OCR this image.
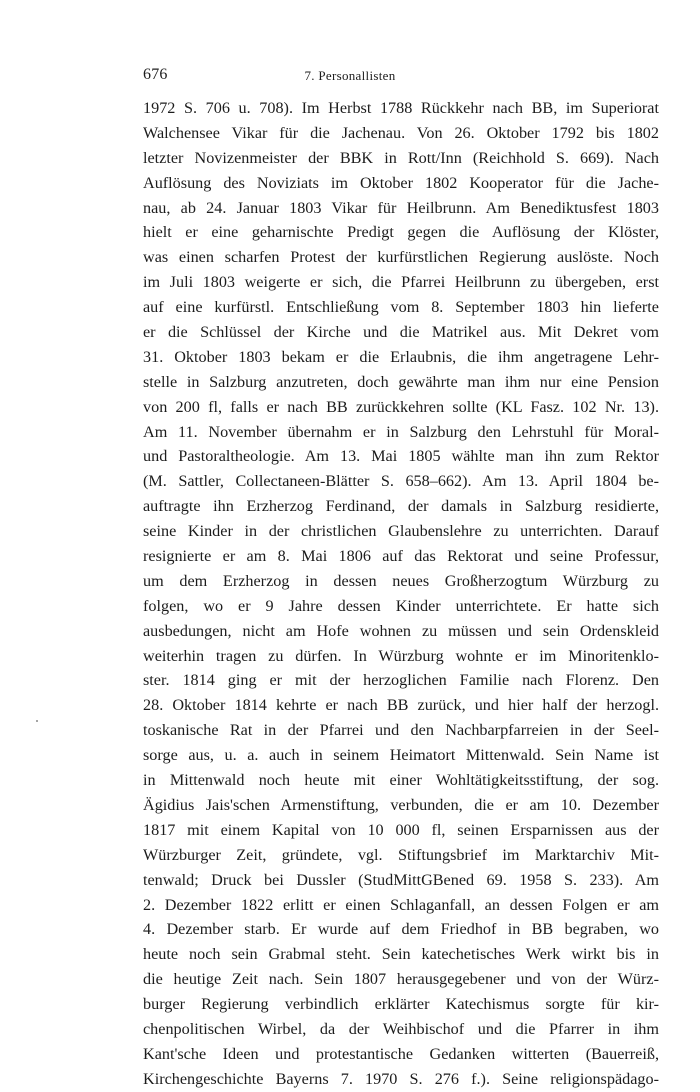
676	7. Personallisten
1972 S. 706 u. 708). Im Herbst 1788 Rückkehr nach BB, im Superiorat
Walchensee Vikar für die Jachenau. Von 26. Oktober 1792 bis 1802
letzter Novizenmeister der BBK in Rott/Inn (Reichhold S. 669). Nach
Auflösung des Noviziats im Oktober 1802 Kooperator für die Jache-
nau, ab 24. Januar 1803 Vikar für Heilbrunn. Am Benediktusfest 1803
hielt er eine geharnischte Predigt gegen die Auflösung der Klöster,
was einen scharfen Protest der kurfürstlichen Regierung auslöste. Noch
im Juli 1803 weigerte er sich, die Pfarrei Heilbrunn zu übergeben, erst
auf eine kurfürstl. Entschließung vom 8. September 1803 hin lieferte
er die Schlüssel der Kirche und die Matrikel aus. Mit Dekret vom
31. Oktober 1803 bekam er die Erlaubnis, die ihm angetragene Lehr-
stelle in Salzburg anzutreten, doch gewährte man ihm nur eine Pension
von 200 fl, falls er nach BB zurückkehren sollte (KL Fasz. 102 Nr. 13).
Am 11. November übernahm er in Salzburg den Lehrstuhl für Moral-
und Pastoraltheologie. Am 13. Mai 1805 wählte man ihn zum Rektor
(M. Sattler, Collectaneen-Blätter S. 658–662). Am 13. April 1804 be-
auftragte ihn Erzherzog Ferdinand, der damals in Salzburg residierte,
seine Kinder in der christlichen Glaubenslehre zu unterrichten. Darauf
resignierte er am 8. Mai 1806 auf das Rektorat und seine Professur,
um dem Erzherzog in dessen neues Großherzogtum Würzburg zu
folgen, wo er 9 Jahre dessen Kinder unterrichtete. Er hatte sich
ausbedungen, nicht am Hofe wohnen zu müssen und sein Ordenskleid
weiterhin tragen zu dürfen. In Würzburg wohnte er im Minoritenklo-
ster. 1814 ging er mit der herzoglichen Familie nach Florenz. Den
28. Oktober 1814 kehrte er nach BB zurück, und hier half der herzogl.
toskanische Rat in der Pfarrei und den Nachbarpfarreien in der Seel-
sorge aus, u. a. auch in seinem Heimatort Mittenwald. Sein Name ist
in Mittenwald noch heute mit einer Wohltätigkeitsstiftung, der sog.
Ägidius Jais'schen Armenstiftung, verbunden, die er am 10. Dezember
1817 mit einem Kapital von 10 000 fl, seinen Ersparnissen aus der
Würzburger Zeit, gründete, vgl. Stiftungsbrief im Marktarchiv Mit-
tenwald; Druck bei Dussler (StudMittGBened 69. 1958 S. 233). Am
2. Dezember 1822 erlitt er einen Schlaganfall, an dessen Folgen er am
4. Dezember starb. Er wurde auf dem Friedhof in BB begraben, wo
heute noch sein Grabmal steht. Sein katechetisches Werk wirkt bis in
die heutige Zeit nach. Sein 1807 herausgegebener und von der Würz-
burger Regierung verbindlich erklärter Katechismus sorgte für kir-
chenpolitischen Wirbel, da der Weihbischof und die Pfarrer in ihm
Kant'sche Ideen und protestantische Gedanken witterten (Bauerreiß,
Kirchengeschichte Bayerns 7. 1970 S. 276 f.). Seine religionspädago-
